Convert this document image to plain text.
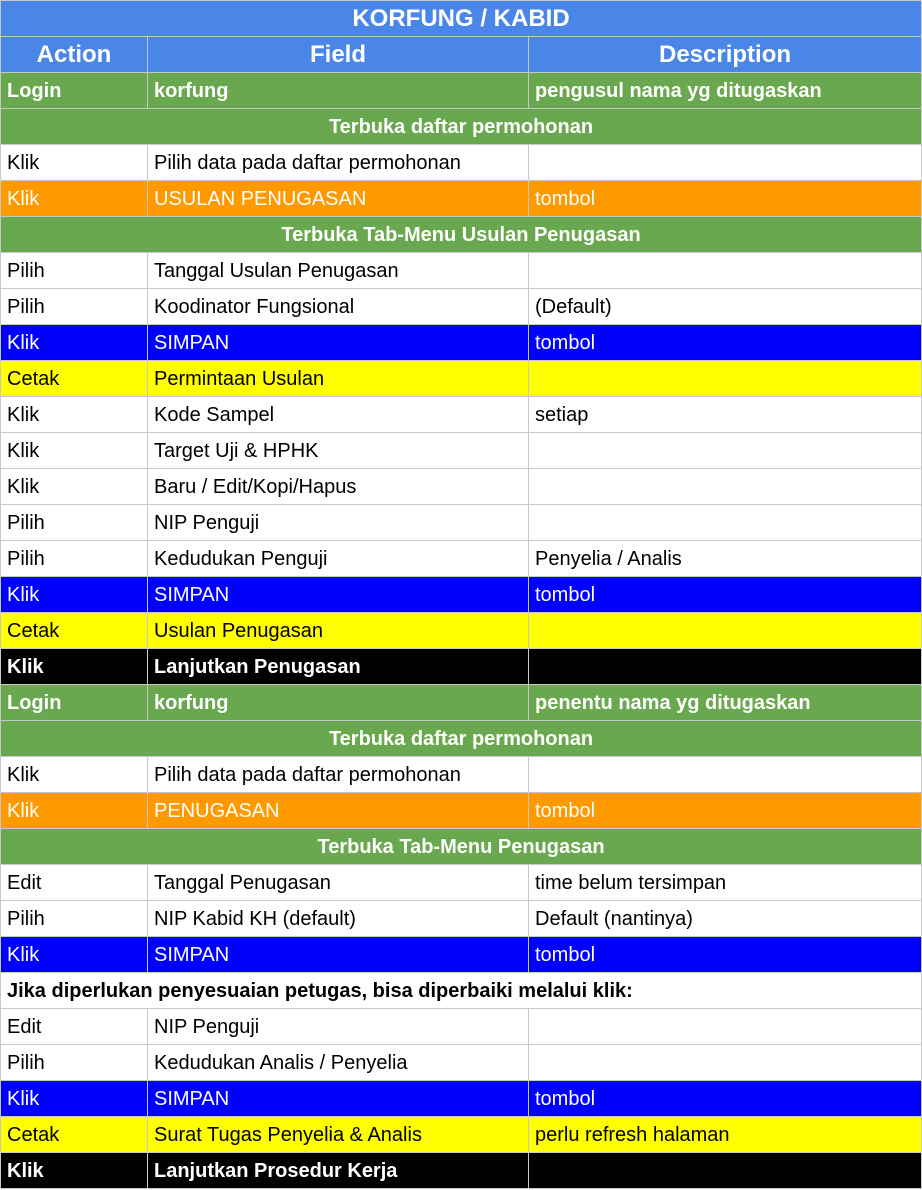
KORFUNG / KABID		
Action	Field	Description
Login	korfung	pengusul nama yg ditugaskan
Terbuka daftar permohonan		
Klik	Pilih data pada daftar permohonan	
Klik	USULAN PENUGASAN	tombol
Terbuka Tab-Menu Usulan Penugasan		
Pilih	Tanggal Usulan Penugasan	
Pilih	Koodinator Fungsional	(Default)
Klik	SIMPAN	tombol
Cetak	Permintaan Usulan	
Klik	Kode Sampel	setiap
Klik	Target Uji & HPHK	
Klik	Baru / Edit/Kopi/Hapus	
Pilih	NIP Penguji	
Pilih	Kedudukan Penguji	Penyelia / Analis
Klik	SIMPAN	tombol
Cetak	Usulan Penugasan	
Klik	Lanjutkan Penugasan	
Login	korfung	penentu nama yg ditugaskan
Terbuka daftar permohonan		
Klik	Pilih data pada daftar permohonan	
Klik	PENUGASAN	tombol
Terbuka Tab-Menu Penugasan		
Edit	Tanggal Penugasan	time belum tersimpan
Pilih	NIP Kabid KH (default)	Default (nantinya)
Klik	SIMPAN	tombol
Jika diperlukan penyesuaian petugas, bisa diperbaiki melalui klik:		
Edit	NIP Penguji	
Pilih	Kedudukan Analis / Penyelia	
Klik	SIMPAN	tombol
Cetak	Surat Tugas Penyelia & Analis	perlu refresh halaman
Klik	Lanjutkan Prosedur Kerja	
